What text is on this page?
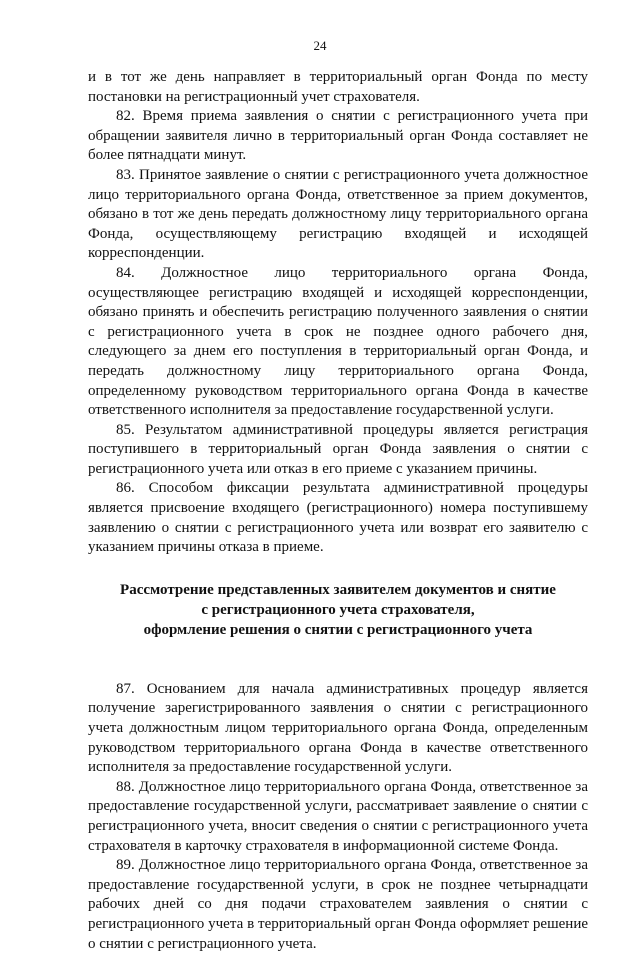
24

и в тот же день направляет в территориальный орган Фонда по месту постановки на регистрационный учет страхователя.

82. Время приема заявления о снятии с регистрационного учета при обращении заявителя лично в территориальный орган Фонда составляет не более пятнадцати минут.

83. Принятое заявление о снятии с регистрационного учета должностное лицо территориального органа Фонда, ответственное за прием документов, обязано в тот же день передать должностному лицу территориального органа Фонда, осуществляющему регистрацию входящей и исходящей корреспонденции.

84. Должностное лицо территориального органа Фонда, осуществляющее регистрацию входящей и исходящей корреспонденции, обязано принять и обеспечить регистрацию полученного заявления о снятии с регистрационного учета в срок не позднее одного рабочего дня, следующего за днем его поступления в территориальный орган Фонда, и передать должностному лицу территориального органа Фонда, определенному руководством территориального органа Фонда в качестве ответственного исполнителя за предоставление государственной услуги.

85. Результатом административной процедуры является регистрация поступившего в территориальный орган Фонда заявления о снятии с регистрационного учета или отказ в его приеме с указанием причины.

86. Способом фиксации результата административной процедуры является присвоение входящего (регистрационного) номера поступившему заявлению о снятии с регистрационного учета или возврат его заявителю с указанием причины отказа в приеме.

Рассмотрение представленных заявителем документов и снятие
с регистрационного учета страхователя,
оформление решения о снятии с регистрационного учета

87. Основанием для начала административных процедур является получение зарегистрированного заявления о снятии с регистрационного учета должностным лицом территориального органа Фонда, определенным руководством территориального органа Фонда в качестве ответственного исполнителя за предоставление государственной услуги.

88. Должностное лицо территориального органа Фонда, ответственное за предоставление государственной услуги, рассматривает заявление о снятии с регистрационного учета, вносит сведения о снятии с регистрационного учета страхователя в карточку страхователя в информационной системе Фонда.

89. Должностное лицо территориального органа Фонда, ответственное за предоставление государственной услуги, в срок не позднее четырнадцати рабочих дней со дня подачи страхователем заявления о снятии с регистрационного учета в территориальный орган Фонда оформляет решение о снятии с регистрационного учета.
